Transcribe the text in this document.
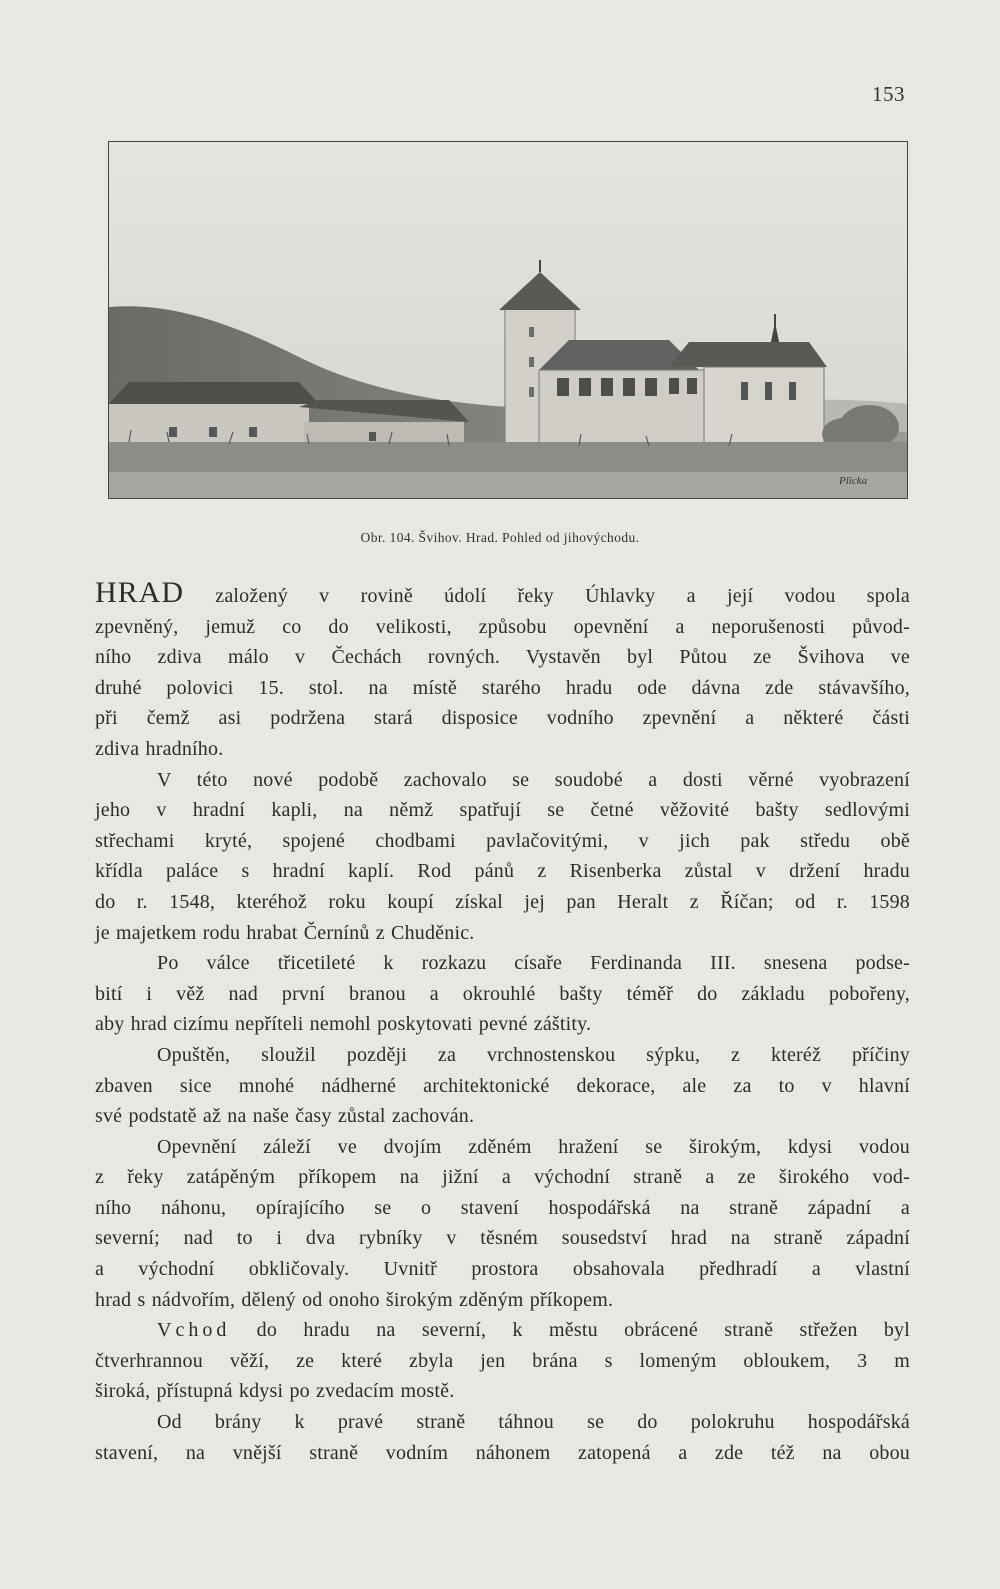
153
Plicka
Obr. 104. Švihov. Hrad. Pohled od jihovýchodu.
HRAD založený v rovině údolí řeky Úhlavky a její vodou spola
zpevněný, jemuž co do velikosti, způsobu opevnění a neporušenosti původ-
ního zdiva málo v Čechách rovných. Vystavěn byl Půtou ze Švihova ve
druhé polovici 15. stol. na místě starého hradu ode dávna zde stávavšího,
při čemž asi podržena stará disposice vodního zpevnění a některé části
zdiva hradního.
V této nové podobě zachovalo se soudobé a dosti věrné vyobrazení
jeho v hradní kapli, na němž spatřují se četné věžovité bašty sedlovými
střechami kryté, spojené chodbami pavlačovitými, v jich pak středu obě
křídla paláce s hradní kaplí. Rod pánů z Risenberka zůstal v držení hradu
do r. 1548, kteréhož roku koupí získal jej pan Heralt z Říčan; od r. 1598
je majetkem rodu hrabat Černínů z Chuděnic.
Po válce třicetileté k rozkazu císaře Ferdinanda III. snesena podse-
bití i věž nad první branou a okrouhlé bašty téměř do základu pobořeny,
aby hrad cizímu nepříteli nemohl poskytovati pevné záštity.
Opuštěn, sloužil později za vrchnostenskou sýpku, z kteréž příčiny
zbaven sice mnohé nádherné architektonické dekorace, ale za to v hlavní
své podstatě až na naše časy zůstal zachován.
Opevnění záleží ve dvojím zděném hražení se širokým, kdysi vodou
z řeky zatápěným příkopem na jižní a východní straně a ze širokého vod-
ního náhonu, opírajícího se o stavení hospodářská na straně západní a
severní; nad to i dva rybníky v těsném sousedství hrad na straně západní
a východní obkličovaly. Uvnitř prostora obsahovala předhradí a vlastní
hrad s nádvořím, dělený od onoho širokým zděným příkopem.
Vchod do hradu na severní, k městu obrácené straně střežen byl
čtverhrannou věží, ze které zbyla jen brána s lomeným obloukem, 3 m
široká, přístupná kdysi po zvedacím mostě.
Od brány k pravé straně táhnou se do polokruhu hospodářská
stavení, na vnější straně vodním náhonem zatopená a zde též na obou
